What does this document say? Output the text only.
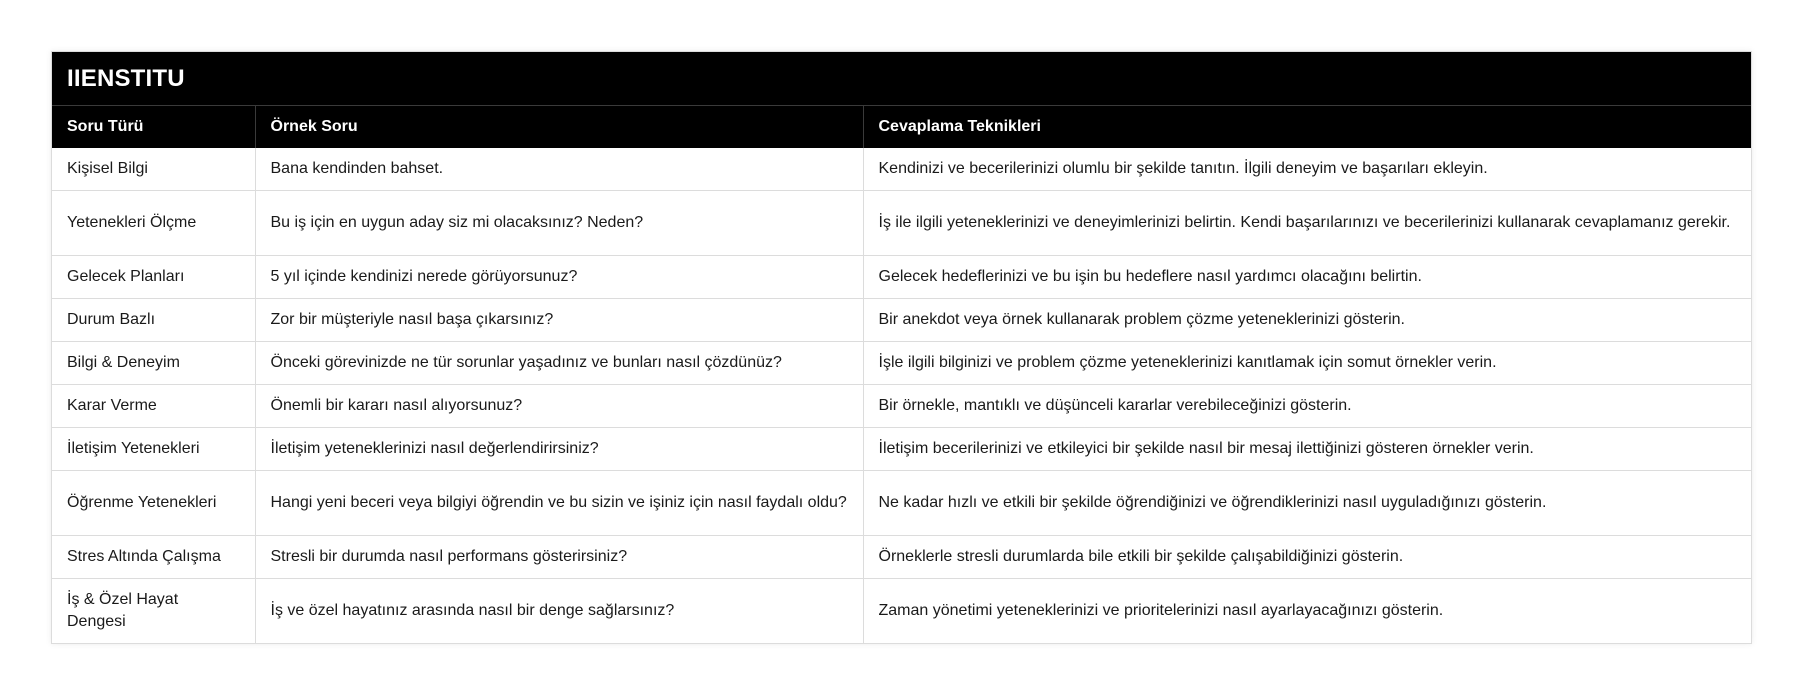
IIENSTITU
Soru Türü	Örnek Soru	Cevaplama Teknikleri
Kişisel Bilgi	Bana kendinden bahset.	Kendinizi ve becerilerinizi olumlu bir şekilde tanıtın. İlgili deneyim ve başarıları ekleyin.
Yetenekleri Ölçme	Bu iş için en uygun aday siz mi olacaksınız? Neden?	İş ile ilgili yeteneklerinizi ve deneyimlerinizi belirtin. Kendi başarılarınızı ve becerilerinizi kullanarak cevaplamanız gerekir.
Gelecek Planları	5 yıl içinde kendinizi nerede görüyorsunuz?	Gelecek hedeflerinizi ve bu işin bu hedeflere nasıl yardımcı olacağını belirtin.
Durum Bazlı	Zor bir müşteriyle nasıl başa çıkarsınız?	Bir anekdot veya örnek kullanarak problem çözme yeteneklerinizi gösterin.
Bilgi & Deneyim	Önceki görevinizde ne tür sorunlar yaşadınız ve bunları nasıl çözdünüz?	İşle ilgili bilginizi ve problem çözme yeteneklerinizi kanıtlamak için somut örnekler verin.
Karar Verme	Önemli bir kararı nasıl alıyorsunuz?	Bir örnekle, mantıklı ve düşünceli kararlar verebileceğinizi gösterin.
İletişim Yetenekleri	İletişim yeteneklerinizi nasıl değerlendirirsiniz?	İletişim becerilerinizi ve etkileyici bir şekilde nasıl bir mesaj ilettiğinizi gösteren örnekler verin.
Öğrenme Yetenekleri	Hangi yeni beceri veya bilgiyi öğrendin ve bu sizin ve işiniz için nasıl faydalı oldu?	Ne kadar hızlı ve etkili bir şekilde öğrendiğinizi ve öğrendiklerinizi nasıl uyguladığınızı gösterin.
Stres Altında Çalışma	Stresli bir durumda nasıl performans gösterirsiniz?	Örneklerle stresli durumlarda bile etkili bir şekilde çalışabildiğinizi gösterin.
İş & Özel Hayat Dengesi	İş ve özel hayatınız arasında nasıl bir denge sağlarsınız?	Zaman yönetimi yeteneklerinizi ve prioritelerinizi nasıl ayarlayacağınızı gösterin.
